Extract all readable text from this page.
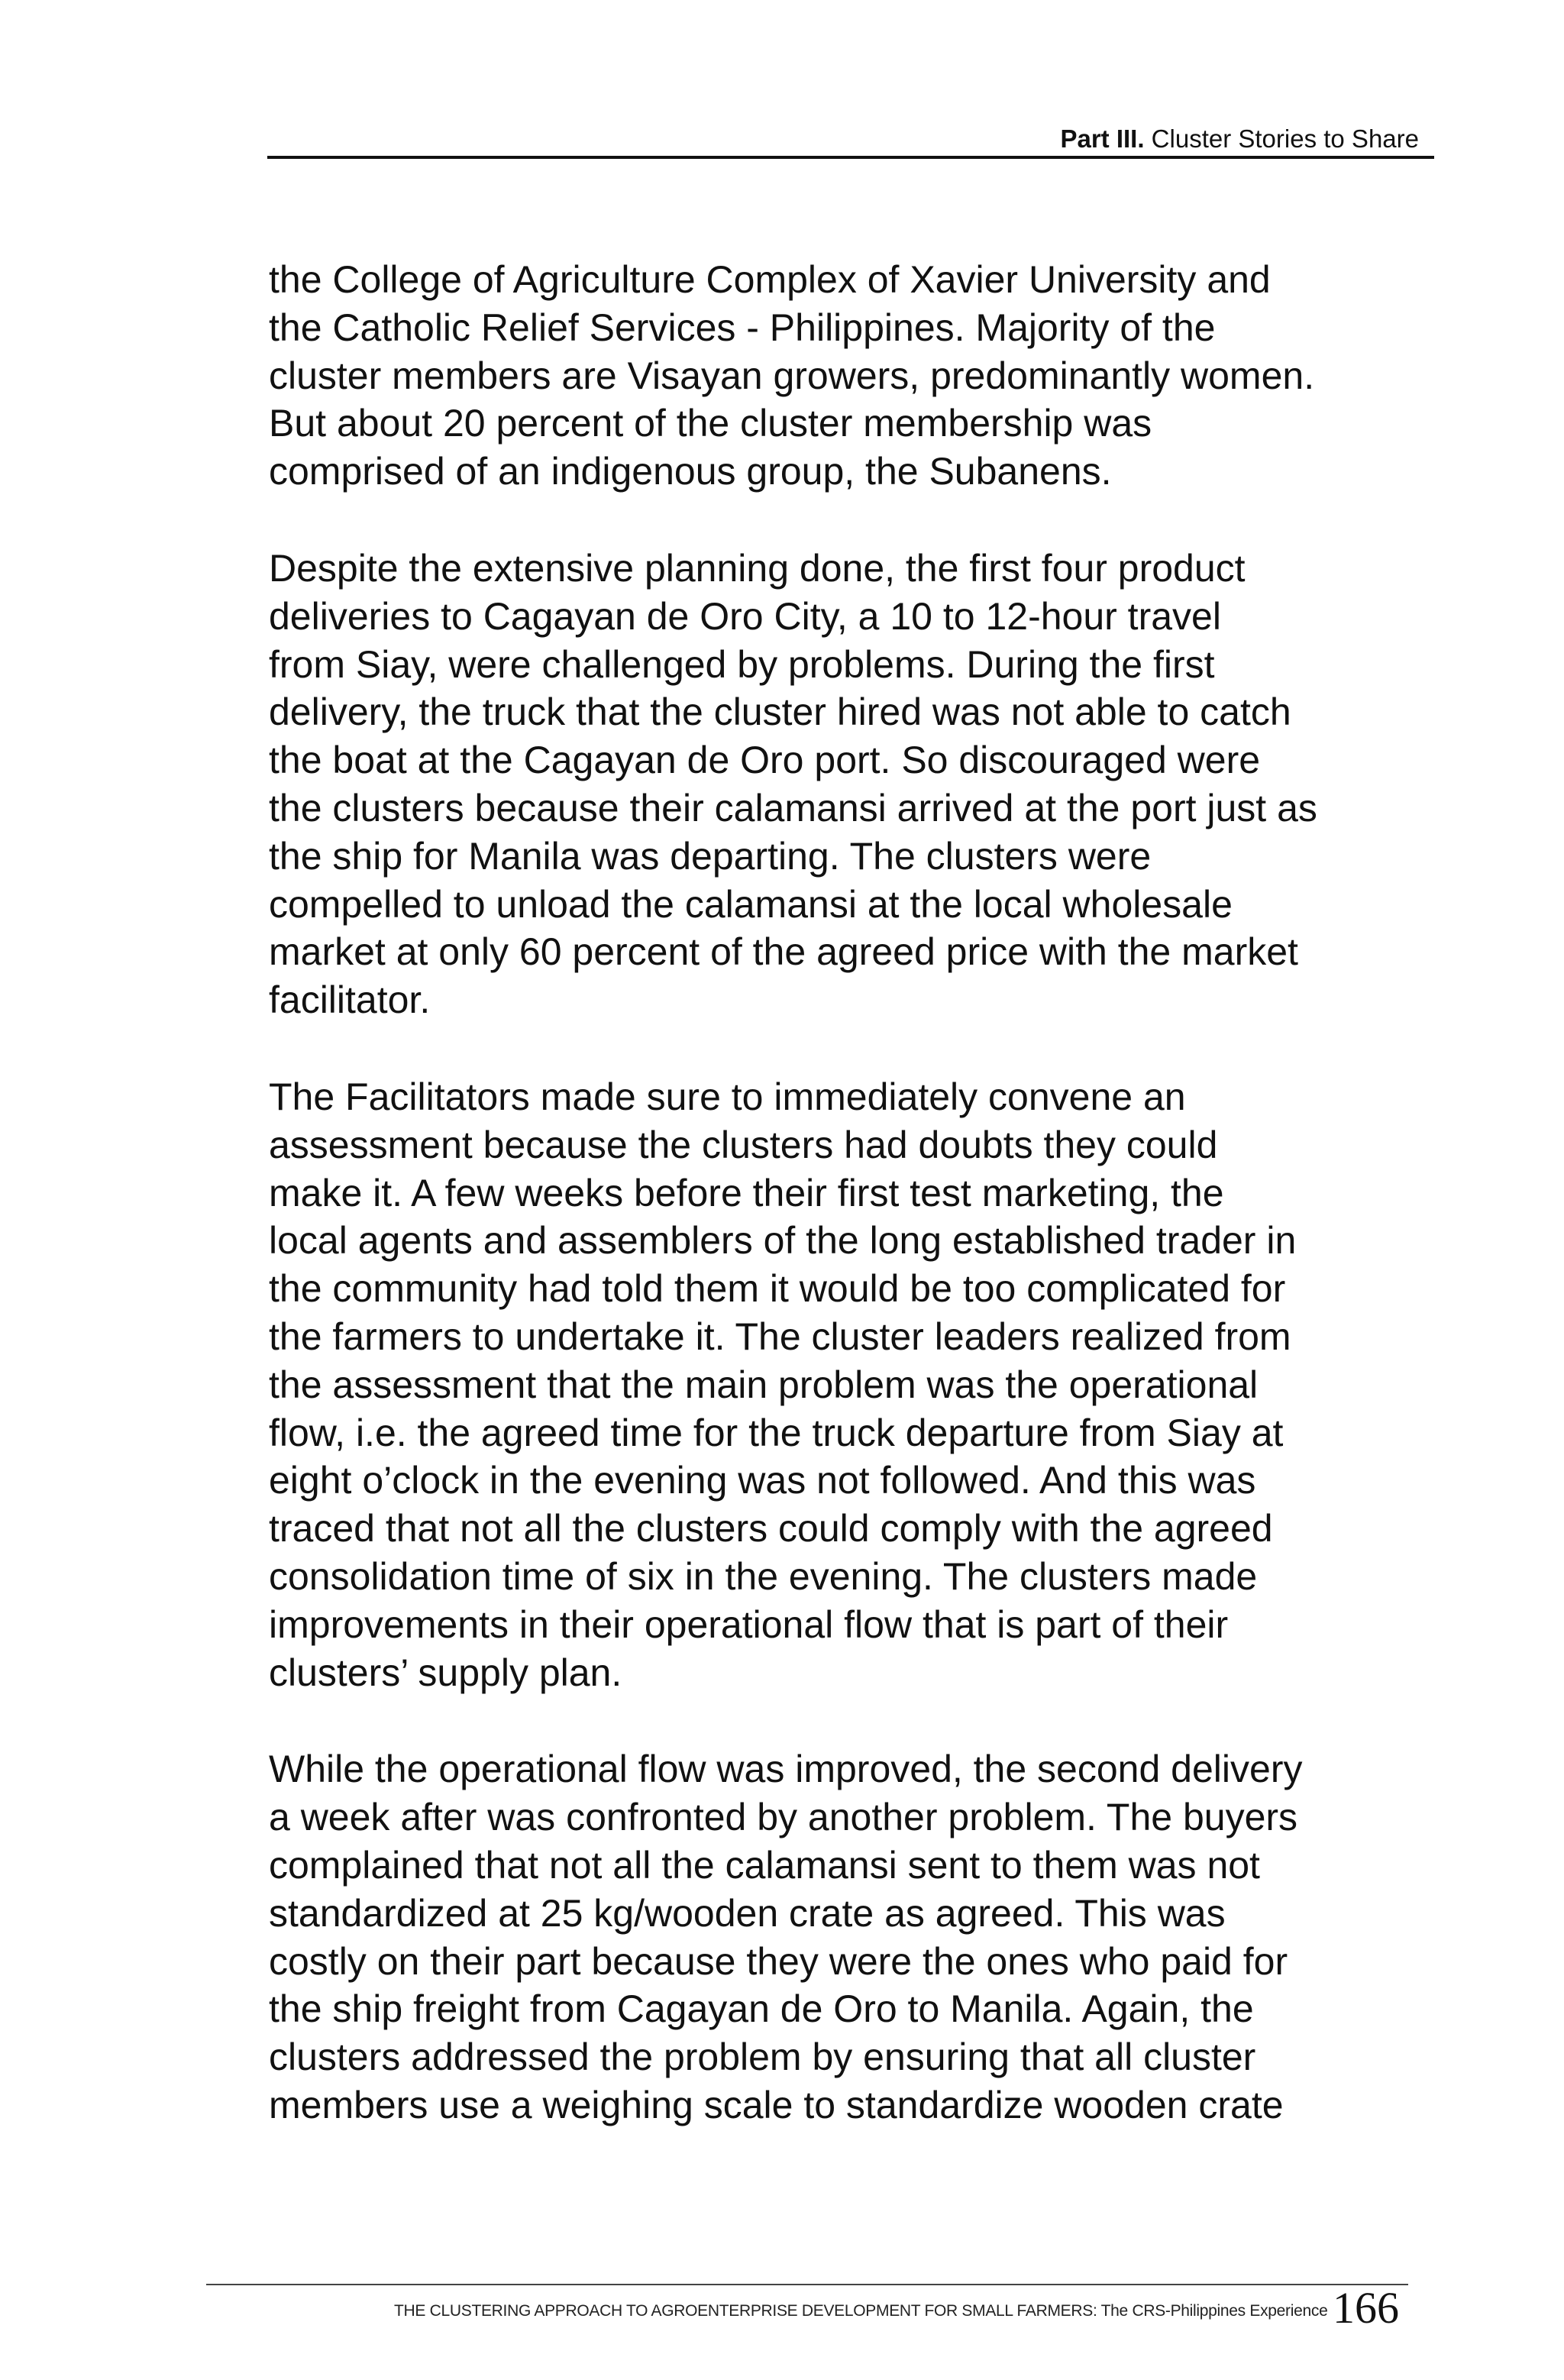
Part III. Cluster Stories to Share

the College of Agriculture Complex of Xavier University and
the Catholic Relief Services - Philippines. Majority of the
cluster members are Visayan growers, predominantly women.
But about 20 percent of the cluster membership was
comprised of an indigenous group, the Subanens.

Despite the extensive planning done, the first four product
deliveries to Cagayan de Oro City, a 10 to 12-hour travel
from Siay, were challenged by problems. During the first
delivery, the truck that the cluster hired was not able to catch
the boat at the Cagayan de Oro port. So discouraged were
the clusters because their calamansi arrived at the port just as
the ship for Manila was departing. The clusters were
compelled to unload the calamansi at the local wholesale
market at only 60 percent of the agreed price with the market
facilitator.

The Facilitators made sure to immediately convene an
assessment because the clusters had doubts they could
make it. A few weeks before their first test marketing, the
local agents and assemblers of the long established trader in
the community had told them it would be too complicated for
the farmers to undertake it. The cluster leaders realized from
the assessment that the main problem was the operational
flow, i.e. the agreed time for the truck departure from Siay at
eight o’clock in the evening was not followed. And this was
traced that not all the clusters could comply with the agreed
consolidation time of six in the evening. The clusters made
improvements in their operational flow that is part of their
clusters’ supply plan.

While the operational flow was improved, the second delivery
a week after was confronted by another problem. The buyers
complained that not all the calamansi sent to them was not
standardized at 25 kg/wooden crate as agreed. This was
costly on their part because they were the ones who paid for
the ship freight from Cagayan de Oro to Manila. Again, the
clusters addressed the problem by ensuring that all cluster
members use a weighing scale to standardize wooden crate

THE CLUSTERING APPROACH TO AGROENTERPRISE DEVELOPMENT FOR SMALL FARMERS: The CRS-Philippines Experience 166
